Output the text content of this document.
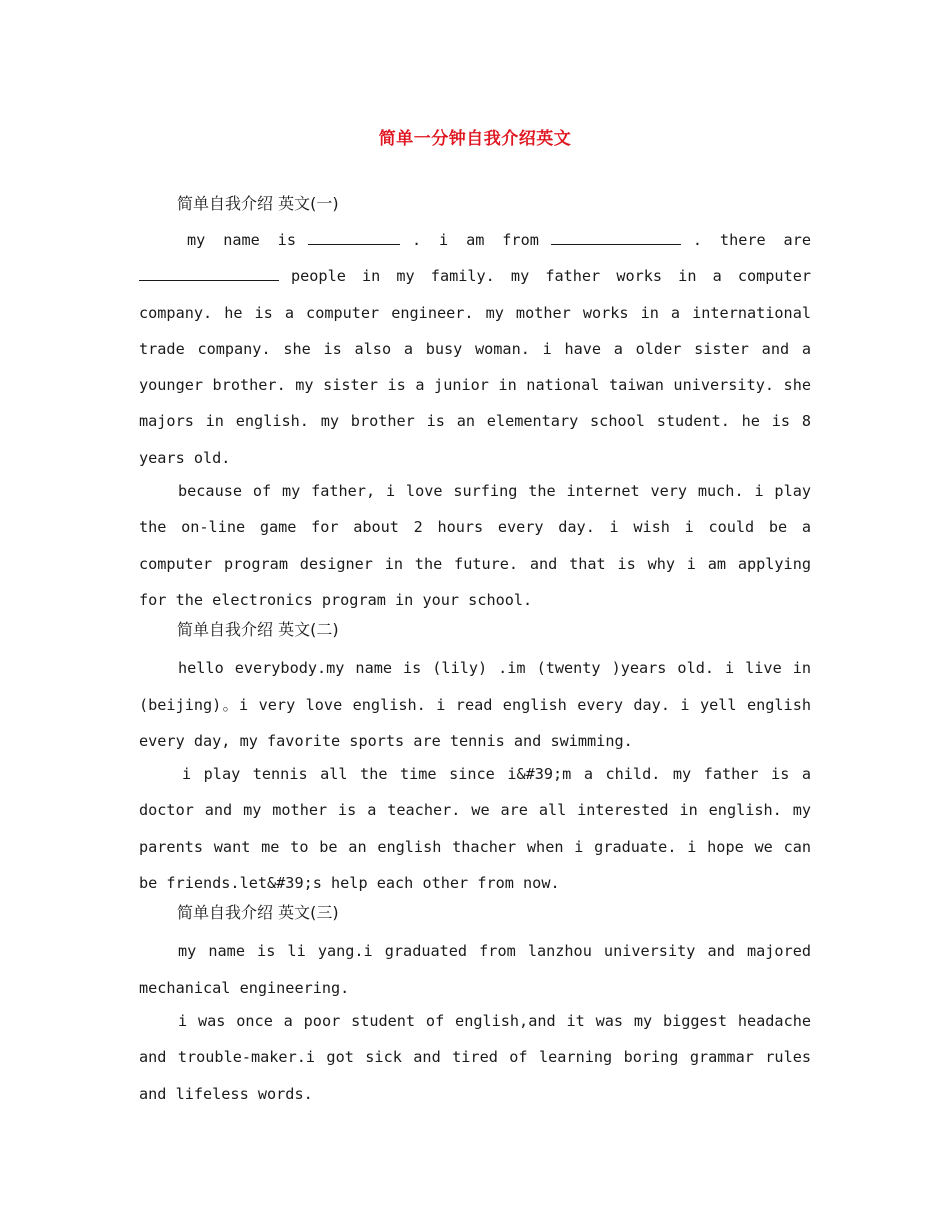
简单一分钟自我介绍英文
简单自我介绍 英文(一)

my name is	. i am from	. there are people in my family. my father works in a computer company. he is a computer engineer. my mother works in a international trade company. she is also a busy woman. i have a older sister and a younger brother. my sister is a junior in national taiwan university. she majors in english. my brother is an elementary school student. he is 8 years old.

because of my father, i love surfing the internet very much. i play the on-line game for about 2 hours every day. i wish i could be a computer program designer in the future. and that is why i am applying for the electronics program in your school.

简单自我介绍 英文(二)

hello everybody.my name is (lily) .im (twenty )years old. i live in (beijing)。i very love english. i read english every day. i yell english every day, my favorite sports are tennis and swimming.

i play tennis all the time since i&#39;m a child. my father is a doctor and my mother is a teacher. we are all interested in english. my parents want me to be an english thacher when i graduate. i hope we can be friends.let&#39;s help each other from now.

简单自我介绍 英文(三)

my name is li yang.i graduated from lanzhou university and majored mechanical engineering.

i was once a poor student of english,and it was my biggest headache and trouble-maker.i got sick and tired of learning boring grammar rules and lifeless words.
